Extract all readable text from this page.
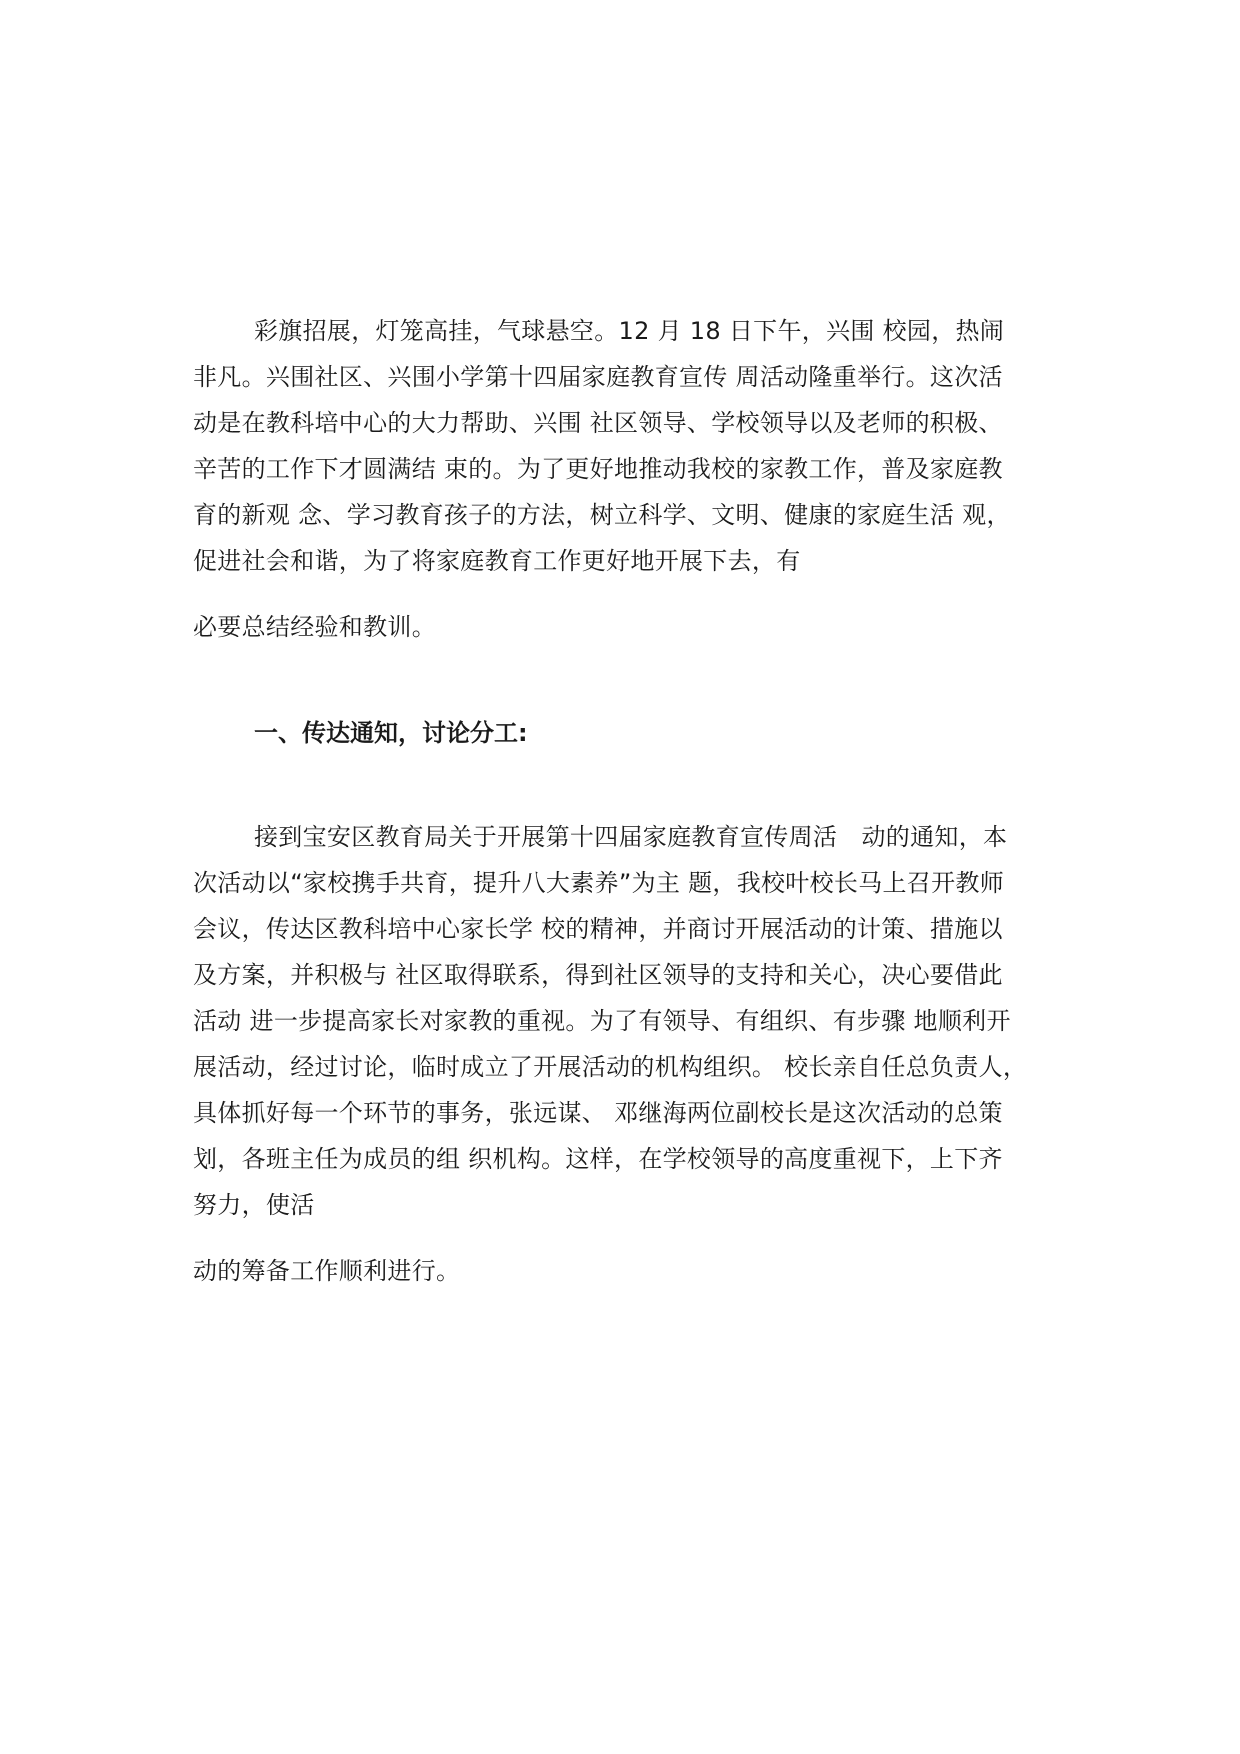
彩旗招展，灯笼高挂，气球悬空。12 月 18 日下午，兴围 校园，热闹
非凡。兴围社区、兴围小学第十四届家庭教育宣传 周活动隆重举行。这次活
动是在教科培中心的大力帮助、兴围 社区领导、学校领导以及老师的积极、
辛苦的工作下才圆满结 束的。为了更好地推动我校的家教工作，普及家庭教
育的新观 念、学习教育孩子的方法，树立科学、文明、健康的家庭生活 观，
促进社会和谐，为了将家庭教育工作更好地开展下去，有
必要总结经验和教训。
一、传达通知，讨论分工:
接到宝安区教育局关于开展第十四届家庭教育宣传周活　动的通知，本
次活动以“家校携手共育，提升八大素养”为主 题，我校叶校长马上召开教师
会议，传达区教科培中心家长学 校的精神，并商讨开展活动的计策、措施以
及方案，并积极与 社区取得联系，得到社区领导的支持和关心，决心要借此
活动 进一步提高家长对家教的重视。为了有领导、有组织、有步骤 地顺利开
展活动，经过讨论，临时成立了开展活动的机构组织。 校长亲自任总负责人，
具体抓好每一个环节的事务，张远谋、 邓继海两位副校长是这次活动的总策
划，各班主任为成员的组 织机构。这样，在学校领导的高度重视下，上下齐
努力，使活
动的筹备工作顺利进行。
